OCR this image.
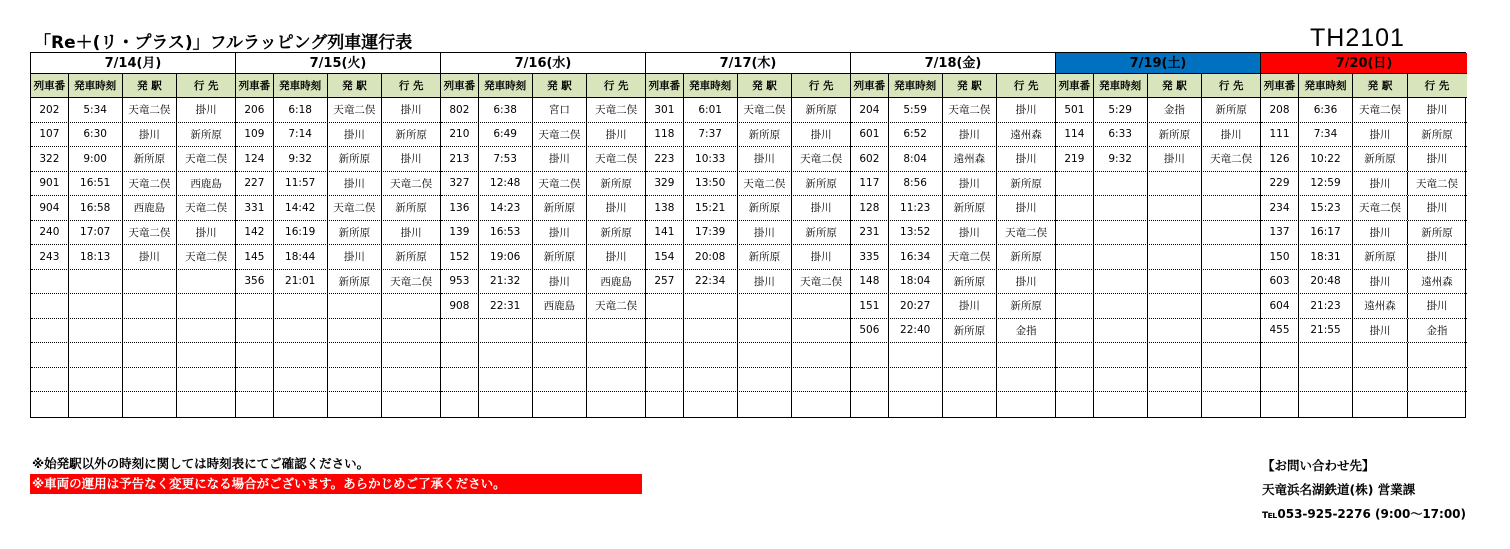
「Re＋(リ・プラス)」フルラッピング列車運行表	TH2101
7/14(月)
列車番 発車時刻	発 駅	行 先
202	5:34	天竜二俣	掛川
107	6:30	掛川	新所原
322	9:00	新所原	天竜二俣
901	16:51	天竜二俣	西鹿島
904	16:58	西鹿島	天竜二俣
240	17:07	天竜二俣	掛川
243	18:13	掛川	天竜二俣
7/15(火)
列車番 発車時刻	発 駅	行 先
206	6:18	天竜二俣	掛川
109	7:14	掛川	新所原
124	9:32	新所原	掛川
227	11:57	掛川	天竜二俣
331	14:42	天竜二俣	新所原
142	16:19	新所原	掛川
145	18:44	掛川	新所原
356	21:01	新所原	天竜二俣
7/16(水)
列車番 発車時刻	発 駅	行 先
802	6:38	宮口	天竜二俣
210	6:49	天竜二俣	掛川
213	7:53	掛川	天竜二俣
327	12:48	天竜二俣	新所原
136	14:23	新所原	掛川
139	16:53	掛川	新所原
152	19:06	新所原	掛川
953	21:32	掛川	西鹿島
908	22:31	西鹿島	天竜二俣
7/17(木)
列車番 発車時刻	発 駅	行 先
301	6:01	天竜二俣	新所原
118	7:37	新所原	掛川
223	10:33	掛川	天竜二俣
329	13:50	天竜二俣	新所原
138	15:21	新所原	掛川
141	17:39	掛川	新所原
154	20:08	新所原	掛川
257	22:34	掛川	天竜二俣
7/18(金)
列車番 発車時刻	発 駅	行 先
204	5:59	天竜二俣	掛川
601	6:52	掛川	遠州森
602	8:04	遠州森	掛川
117	8:56	掛川	新所原
128	11:23	新所原	掛川
231	13:52	掛川	天竜二俣
335	16:34	天竜二俣	新所原
148	18:04	新所原	掛川
151	20:27	掛川	新所原
506	22:40	新所原	金指
7/19(土)
列車番 発車時刻	発 駅	行 先
501	5:29	金指	新所原
114	6:33	新所原	掛川
219	9:32	掛川	天竜二俣
7/20(日)
列車番 発車時刻	発 駅	行 先
208	6:36	天竜二俣	掛川
111	7:34	掛川	新所原
126	10:22	新所原	掛川
229	12:59	掛川	天竜二俣
234	15:23	天竜二俣	掛川
137	16:17	掛川	新所原
150	18:31	新所原	掛川
603	20:48	掛川	遠州森
604	21:23	遠州森	掛川
455	21:55	掛川	金指
※始発駅以外の時刻に関しては時刻表にてご確認ください。
※車両の運用は予告なく変更になる場合がございます。あらかじめご了承ください。
【お問い合わせ先】
天竜浜名湖鉄道(株) 営業課
℡053-925-2276 (9:00～17:00)
